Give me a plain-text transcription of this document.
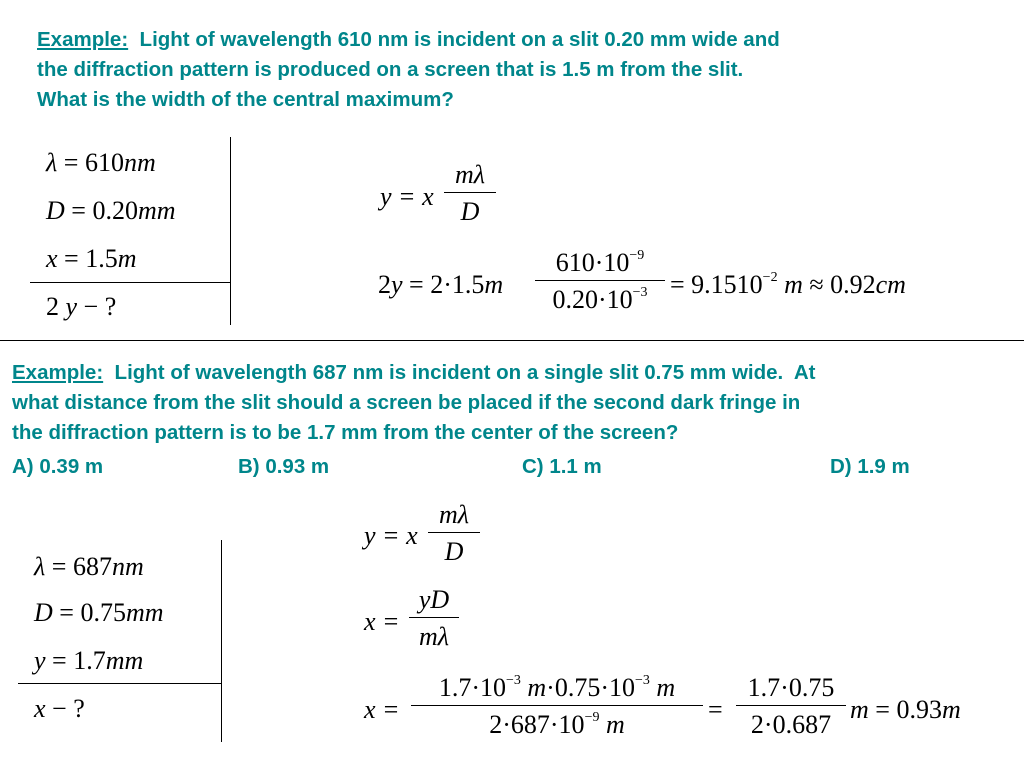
Example:  Light of wavelength 610 nm is incident on a slit 0.20 mm wide and
the diffraction pattern is produced on a screen that is 1.5 m from the slit.
What is the width of the central maximum?
λ = 610nm
D = 0.20mm
x = 1.5m
2 y − ?
y = x
mλ
D
2y = 2·1.5m
$610\cdot 10^{-9}$
$0.20\cdot 10^{-3} = 9.1510^{-2}$ m ≈ 0.92cm
Example:  Light of wavelength 687 nm is incident on a single slit 0.75 mm wide.  At
what distance from the slit should a screen be placed if the second dark fringe in
the diffraction pattern is to be 1.7 mm from the center of the screen?
A) 0.39 m	B) 0.93 m	C) 1.1 m	D) 1.9 m
λ = 687nm
D = 0.75mm
y = 1.7mm
x − ?
y = x
mλ
D
x =
yD
mλ
x =
$1.7\cdot 10^{-3}$ $m\cdot 0.75\cdot 10^{-3}$ m
$2\cdot 687\cdot 10^{-9}$ m
=
1.7·0.75
2·0.687
m = 0.93m
